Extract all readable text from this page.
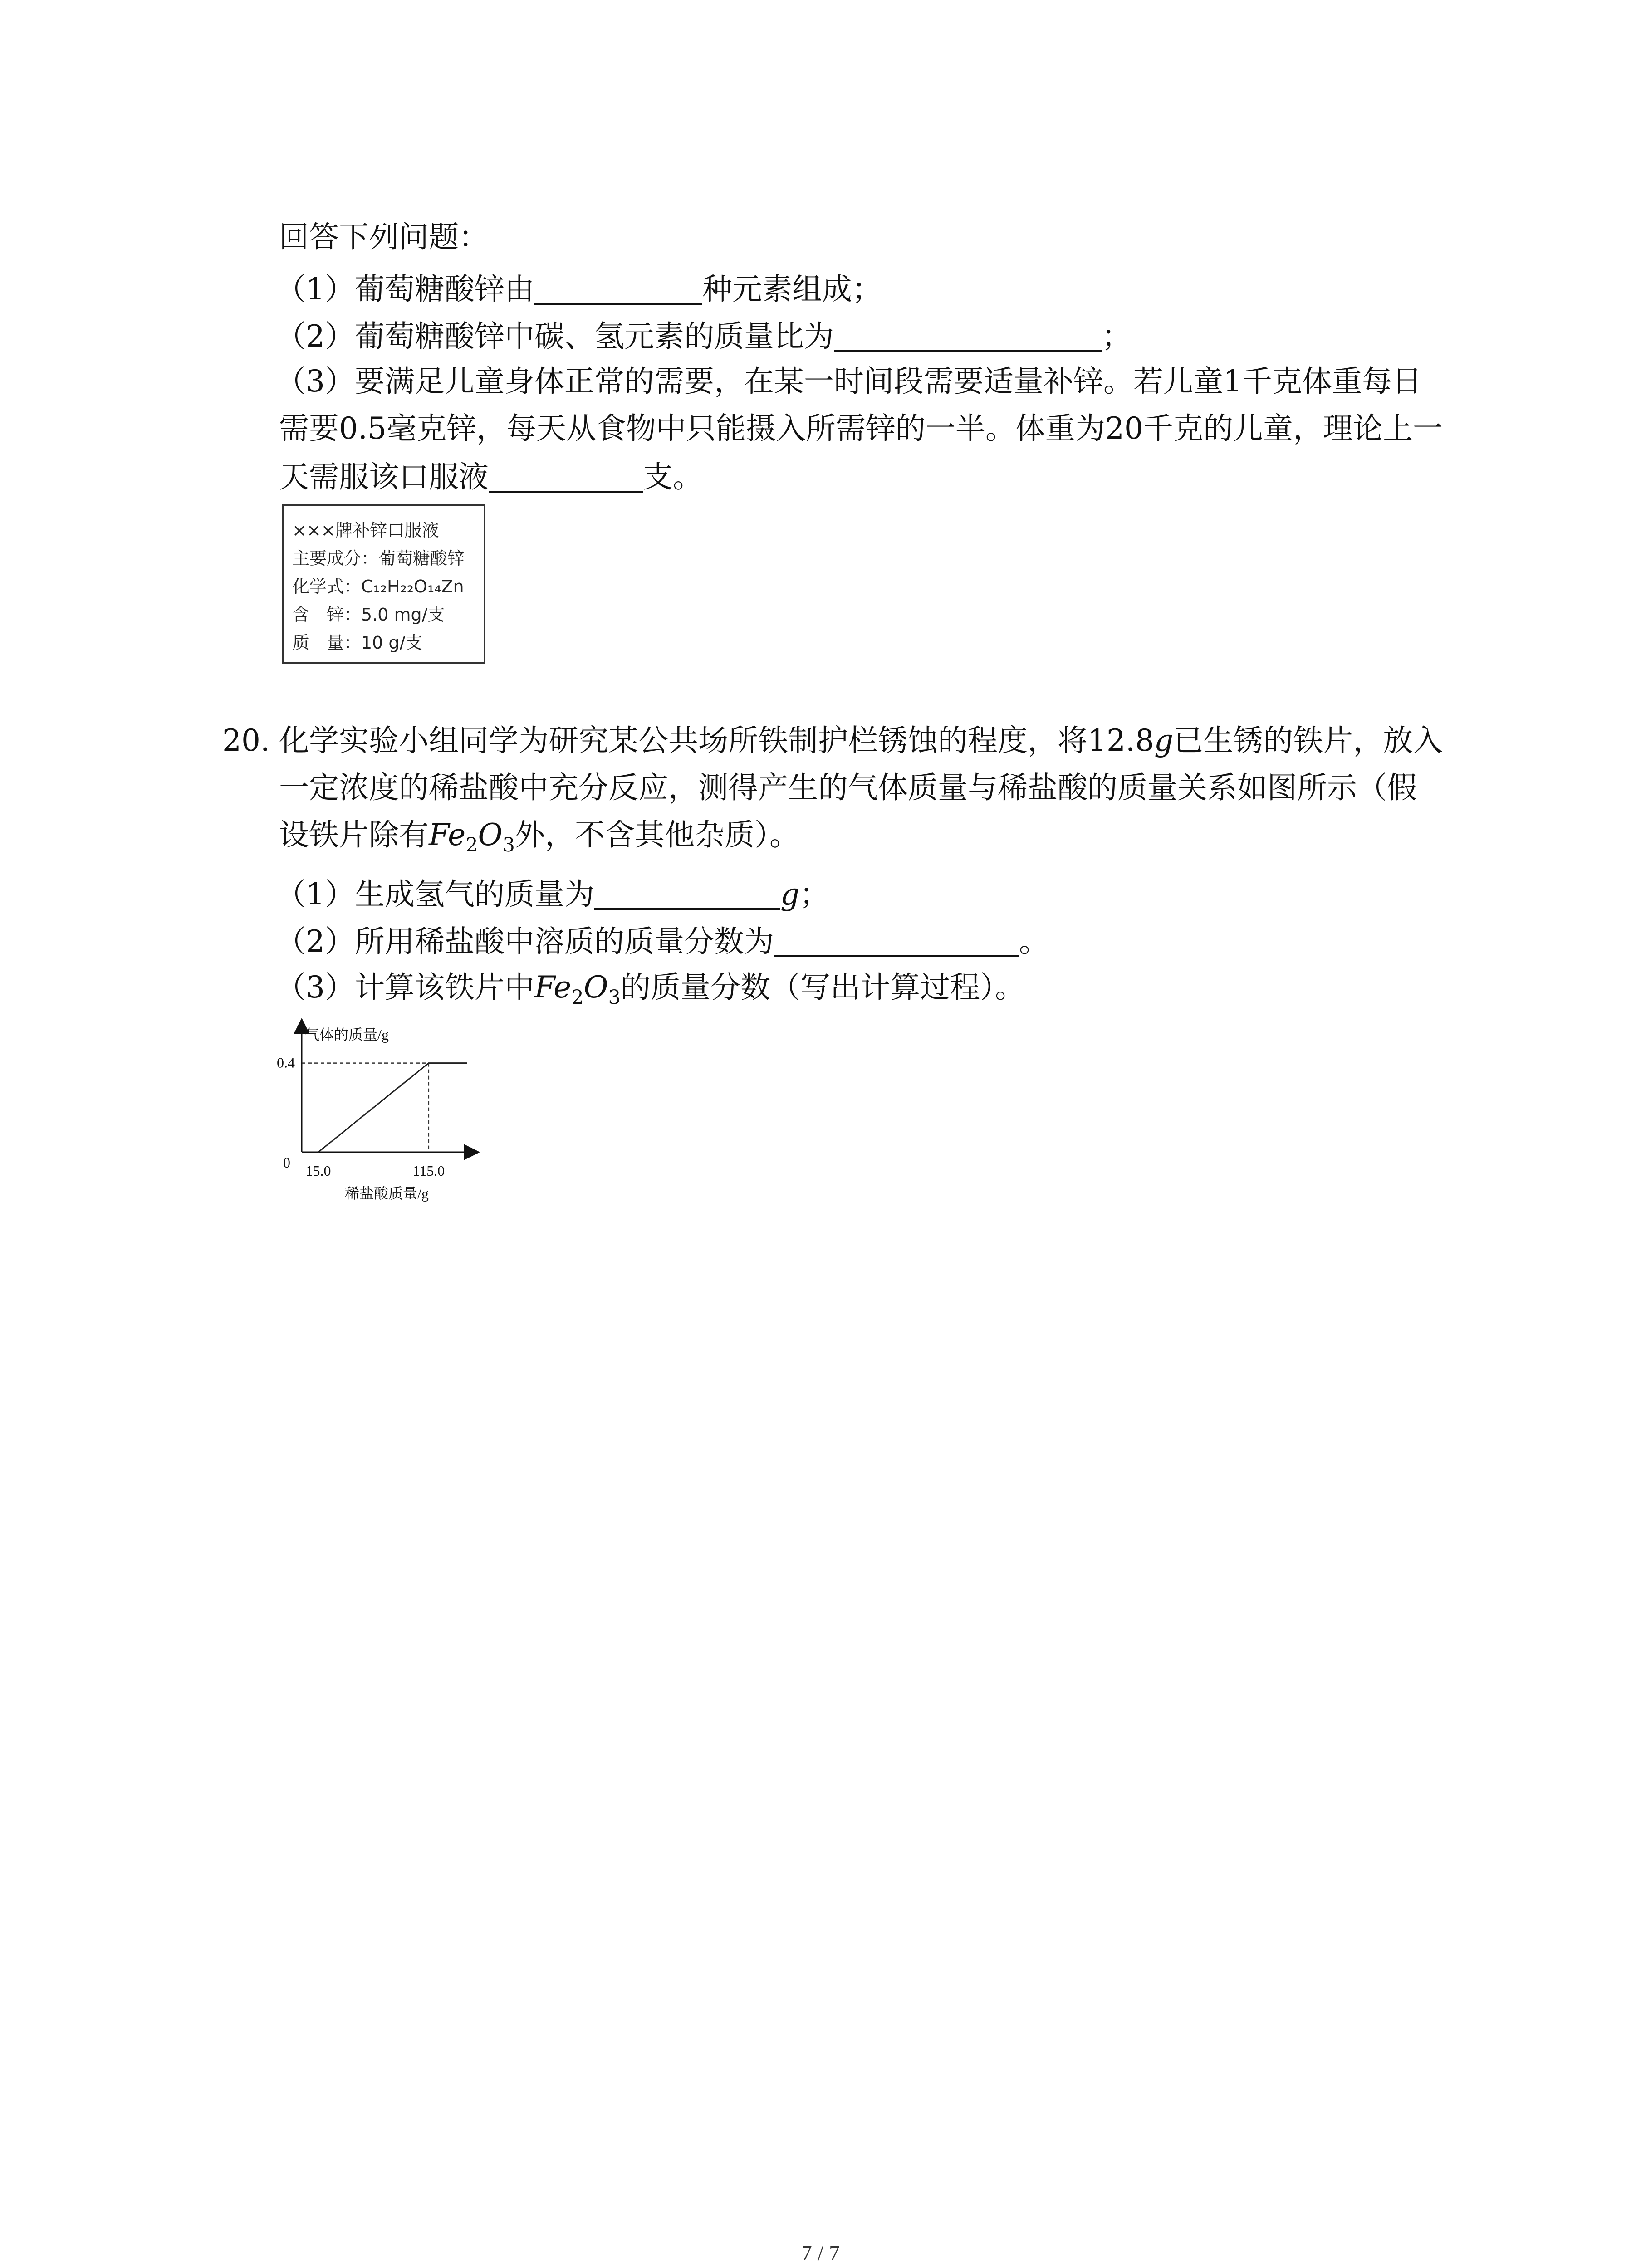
回答下列问题：
（1）葡萄糖酸锌由	种元素组成；
（2）葡萄糖酸锌中碳、氢元素的质量比为	；
（3）要满足儿童身体正常的需要，在某一时间段需要适量补锌。若儿童1千克体重每日
需要0.5毫克锌，每天从食物中只能摄入所需锌的一半。体重为20千克的儿童，理论上一
天需服该口服液	支。
×××牌补锌口服液
主要成分：葡萄糖酸锌
化学式：C₁₂H₂₂O₁₄Zn
含　锌：5.0 mg/支
质　量：10 g/支
20. 化学实验小组同学为研究某公共场所铁制护栏锈蚀的程度，将12.8g已生锈的铁片，放入
一定浓度的稀盐酸中充分反应，测得产生的气体质量与稀盐酸的质量关系如图所示（假
设铁片除有$Fe_2O_3$外，不含其他杂质）。
（1）生成氢气的质量为	g；
（2）所用稀盐酸中溶质的质量分数为	。
（3）计算该铁片中$Fe_2O_3$的质量分数（写出计算过程）。
气体的质量/g
稀盐酸质量/g
0
0.4
15.0	115.0
7 / 7
